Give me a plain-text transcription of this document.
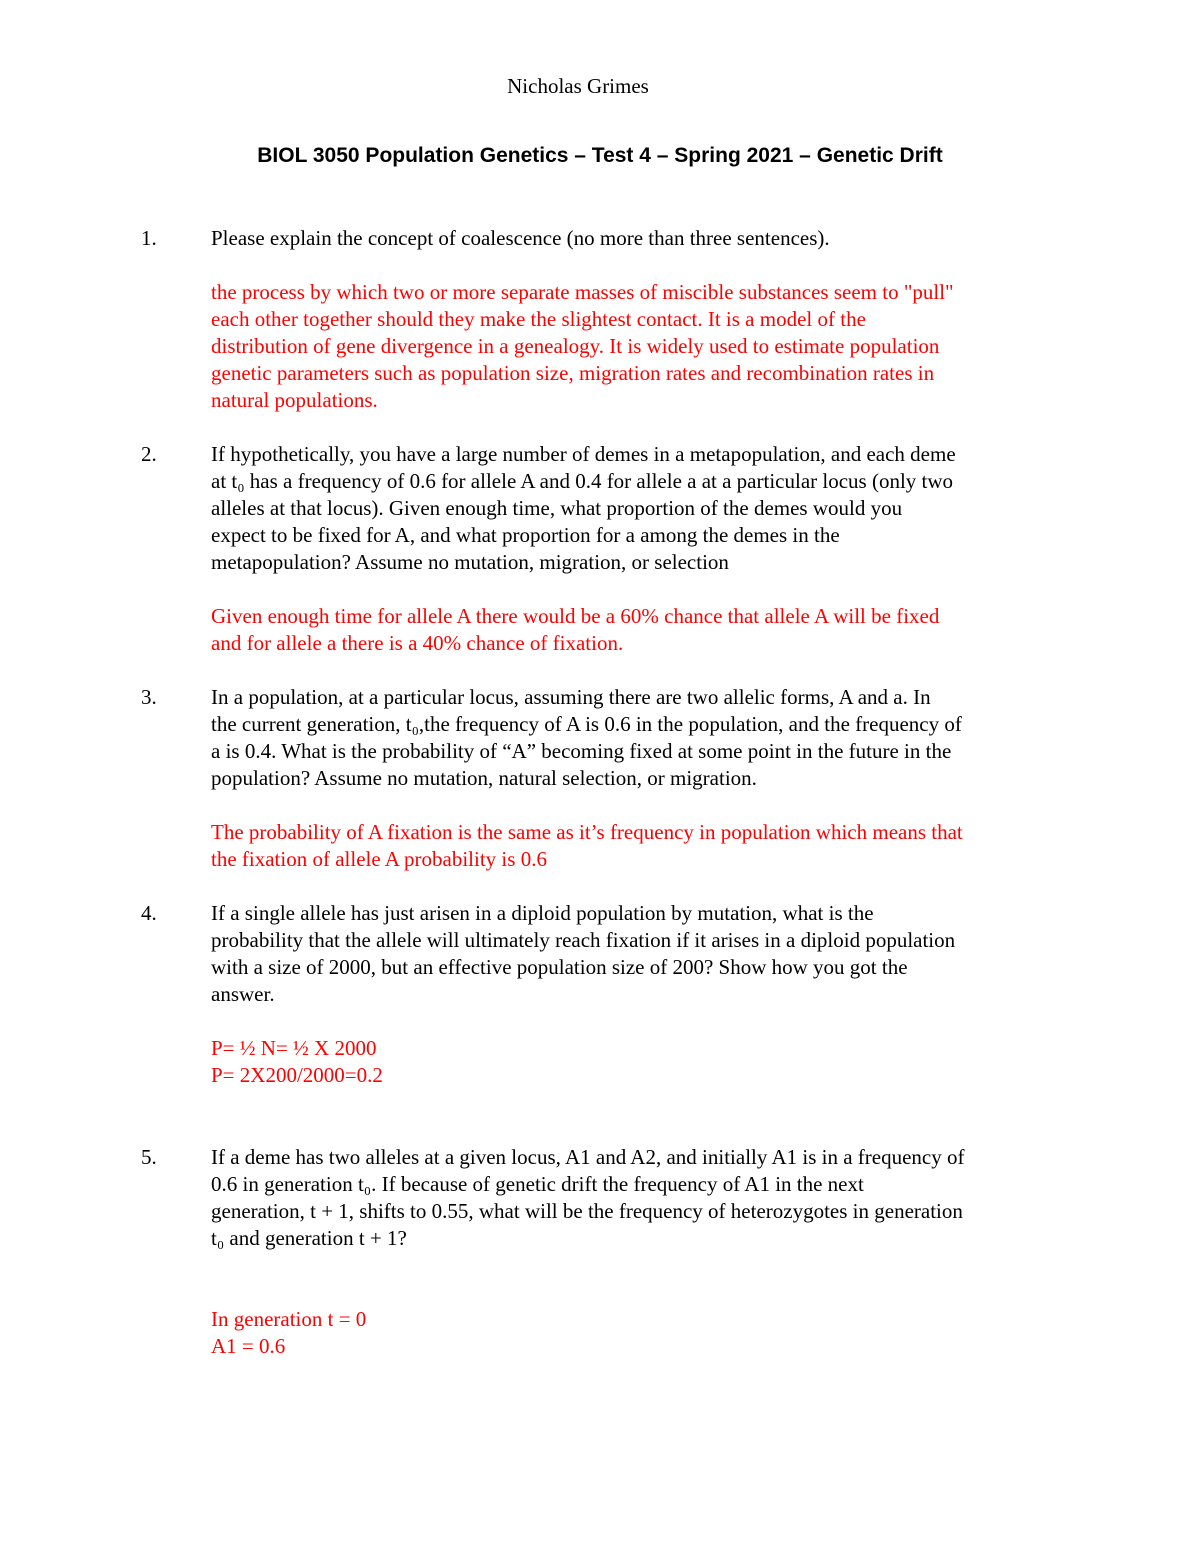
Nicholas Grimes
BIOL 3050 Population Genetics – Test 4 – Spring 2021 – Genetic Drift
1.	Please explain the concept of coalescence (no more than three sentences).
the process by which two or more separate masses of miscible substances seem to "pull"
each other together should they make the slightest contact. It is a model of the
distribution of gene divergence in a genealogy. It is widely used to estimate population
genetic parameters such as population size, migration rates and recombination rates in
natural populations.
2.	If hypothetically, you have a large number of demes in a metapopulation, and each deme
at t₀ has a frequency of 0.6 for allele A and 0.4 for allele a at a particular locus (only two
alleles at that locus). Given enough time, what proportion of the demes would you
expect to be fixed for A, and what proportion for a among the demes in the
metapopulation? Assume no mutation, migration, or selection
Given enough time for allele A there would be a 60% chance that allele A will be fixed
and for allele a there is a 40% chance of fixation.
3.	In a population, at a particular locus, assuming there are two allelic forms, A and a. In
the current generation, t₀,the frequency of A is 0.6 in the population, and the frequency of
a is 0.4. What is the probability of “A” becoming fixed at some point in the future in the
population? Assume no mutation, natural selection, or migration.
The probability of A fixation is the same as it’s frequency in population which means that
the fixation of allele A probability is 0.6
4.	If a single allele has just arisen in a diploid population by mutation, what is the
probability that the allele will ultimately reach fixation if it arises in a diploid population
with a size of 2000, but an effective population size of 200? Show how you got the
answer.
P= ½ N= ½ X 2000
P= 2X200/2000=0.2
5.	If a deme has two alleles at a given locus, A1 and A2, and initially A1 is in a frequency of
0.6 in generation t₀. If because of genetic drift the frequency of A1 in the next
generation, t + 1, shifts to 0.55, what will be the frequency of heterozygotes in generation
t₀ and generation t + 1?
In generation t = 0
A1 = 0.6
